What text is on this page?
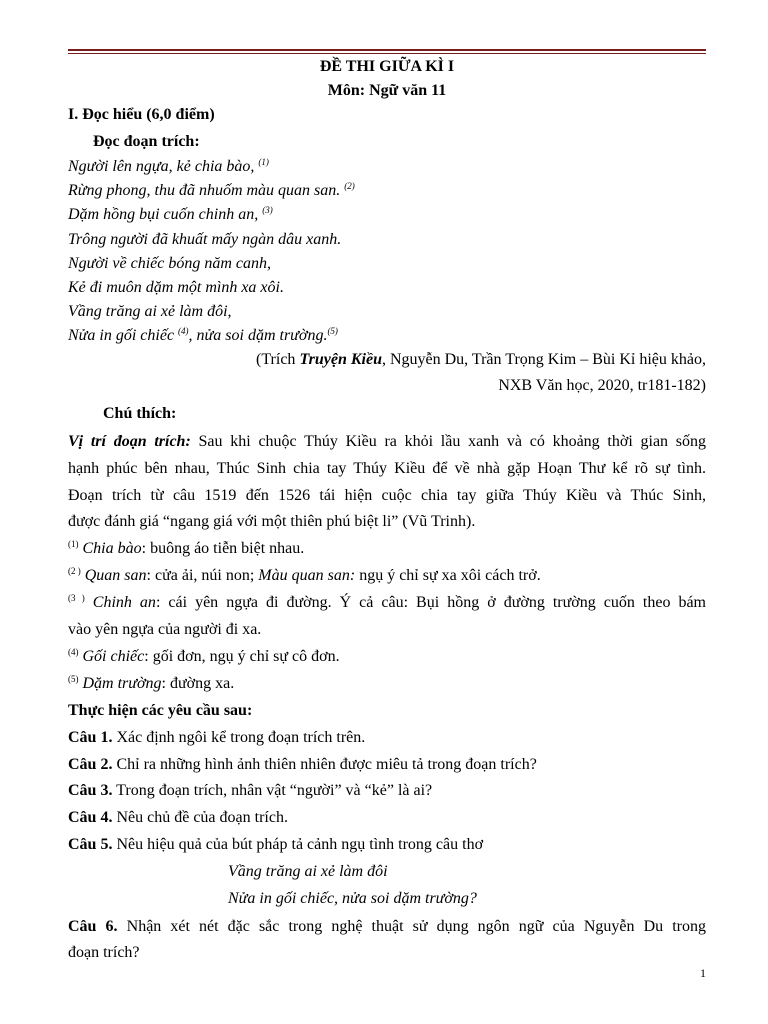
ĐỀ THI GIỮA KÌ I
Môn: Ngữ văn 11
I. Đọc hiểu (6,0 điểm)
Đọc đoạn trích:
Người lên ngựa, kẻ chia bào, $^{(1)}$
Rừng phong, thu đã nhuốm màu quan san. $^{(2)}$
Dặm hồng bụi cuốn chinh an, $^{(3)}$
Trông người đã khuất mấy ngàn dâu xanh.
Người về chiếc bóng năm canh,
Kẻ đi muôn dặm một mình xa xôi.
Vầng trăng ai xẻ làm đôi,
Nửa in gối chiếc $^{(4)}$, nửa soi dặm trường.$^{(5)}$
(Trích Truyện Kiều, Nguyễn Du, Trần Trọng Kim – Bùi Kỉ hiệu khảo,
NXB Văn học, 2020, tr181-182)
Chú thích:
Vị trí đoạn trích: Sau khi chuộc Thúy Kiều ra khỏi lầu xanh và có khoảng thời gian sống
hạnh phúc bên nhau, Thúc Sinh chia tay Thúy Kiều để về nhà gặp Hoạn Thư kể rõ sự tình.
Đoạn trích từ câu 1519 đến 1526 tái hiện cuộc chia tay giữa Thúy Kiều và Thúc Sinh,
được đánh giá “ngang giá với một thiên phú biệt li” (Vũ Trinh).
$^{(1)}$ Chia bào: buông áo tiễn biệt nhau.
$^{(2 )}$ Quan san: cửa ải, núi non; Màu quan san: ngụ ý chỉ sự xa xôi cách trở.
$^{(3 )}$ Chinh an: cái yên ngựa đi đường. Ý cả câu: Bụi hồng ở đường trường cuốn theo bám
vào yên ngựa của người đi xa.
$^{(4)}$ Gối chiếc: gối đơn, ngụ ý chỉ sự cô đơn.
$^{(5)}$ Dặm trường: đường xa.
Thực hiện các yêu cầu sau:
Câu 1. Xác định ngôi kể trong đoạn trích trên.
Câu 2. Chỉ ra những hình ảnh thiên nhiên được miêu tả trong đoạn trích?
Câu 3. Trong đoạn trích, nhân vật “người” và “kẻ” là ai?
Câu 4. Nêu chủ đề của đoạn trích.
Câu 5. Nêu hiệu quả của bút pháp tả cảnh ngụ tình trong câu thơ
Vầng trăng ai xẻ làm đôi
Nửa in gối chiếc, nửa soi dặm trường?
Câu 6. Nhận xét nét đặc sắc trong nghệ thuật sử dụng ngôn ngữ của Nguyễn Du trong
đoạn trích?
1
